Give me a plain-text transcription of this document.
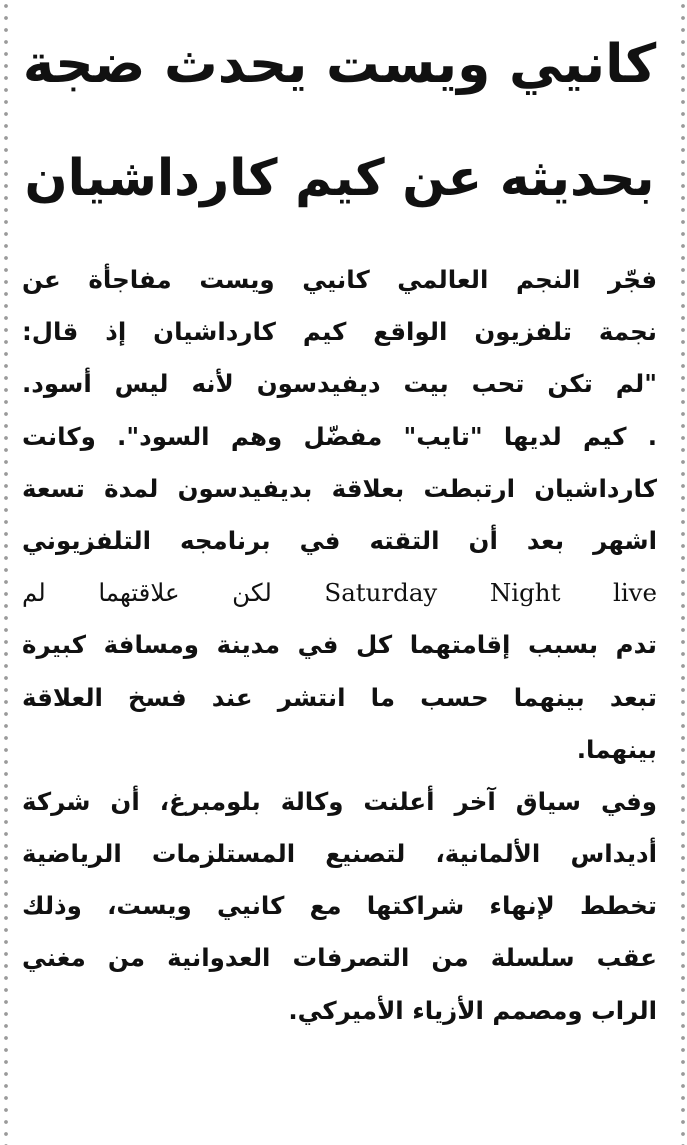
كانيي ويست يحدث ضجة
بحديثه عن كيم كارداشيان
فجّر النجم العالمي كانيي ويست مفاجأة عن
نجمة تلفزيون الواقع كيم كارداشيان إذ قال:
"لم تكن تحب بيت ديفيدسون لأنه ليس أسود.
. كيم لديها "تايب" مفضّل وهم السود". وكانت
كارداشيان ارتبطت بعلاقة بديفيدسون لمدة تسعة
اشهر بعد أن التقته في برنامجه التلفزيوني
Saturday Night live لكن علاقتهما لم
تدم بسبب إقامتهما كل في مدينة ومسافة كبيرة
تبعد بينهما حسب ما انتشر عند فسخ العلاقة
بينهما.
وفي سياق آخر أعلنت وكالة بلومبرغ، أن شركة
أديداس الألمانية، لتصنيع المستلزمات الرياضية
تخطط لإنهاء شراكتها مع كانيي ويست، وذلك
عقب سلسلة من التصرفات العدوانية من مغني
الراب ومصمم الأزياء الأميركي.
